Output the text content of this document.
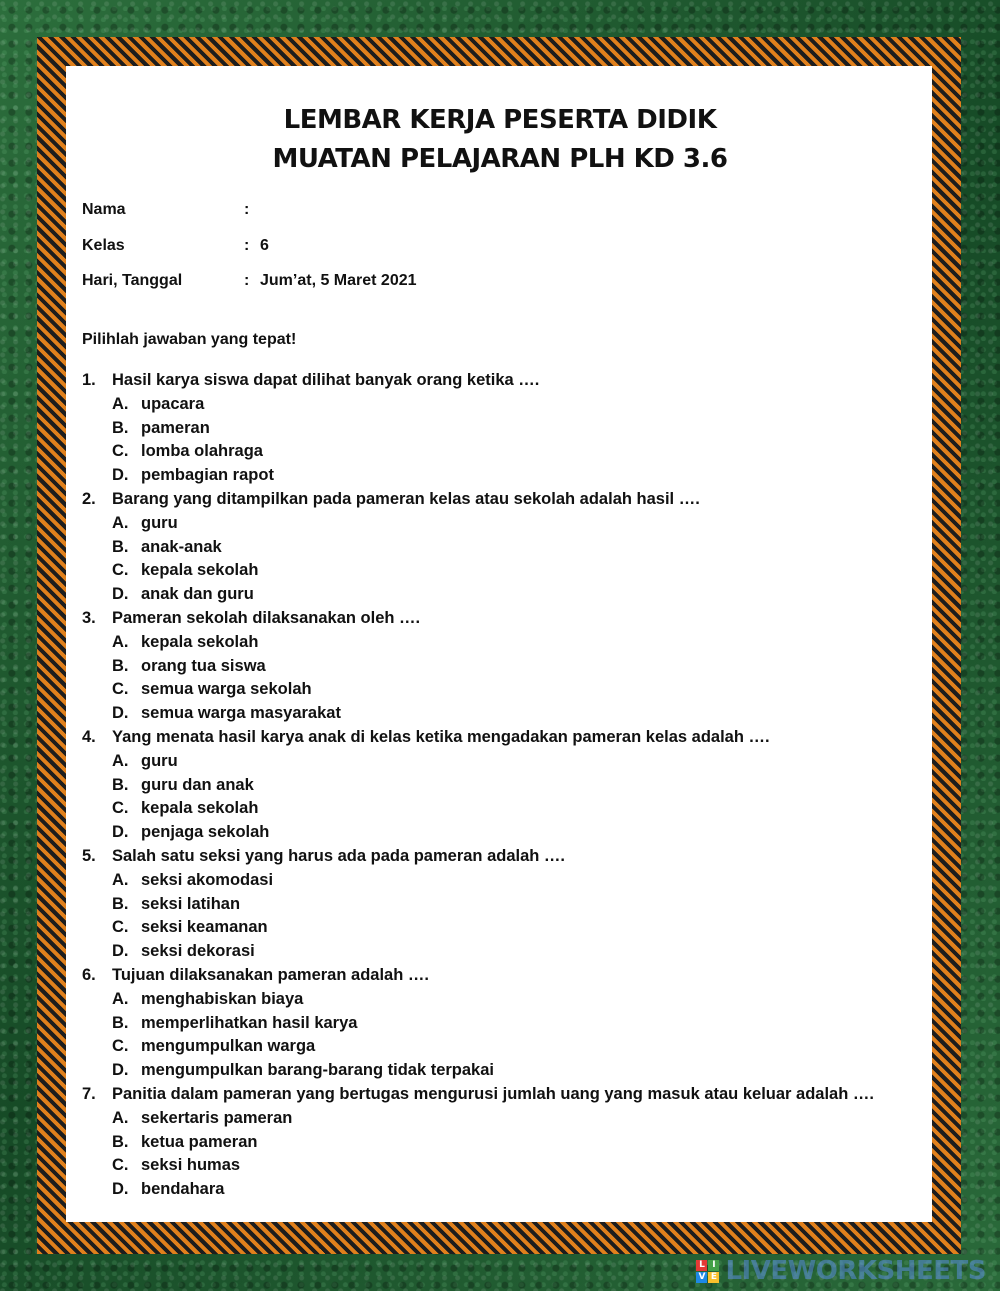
LEMBAR KERJA PESERTA DIDIK
MUATAN PELAJARAN PLH KD 3.6
Nama	:
Kelas	: 6
Hari, Tanggal	: Jum’at, 5 Maret 2021
Pilihlah jawaban yang tepat!
1. Hasil karya siswa dapat dilihat banyak orang ketika ….
A. upacara
B. pameran
C. lomba olahraga
D. pembagian rapot
2. Barang yang ditampilkan pada pameran kelas atau sekolah adalah hasil ….
A. guru
B. anak-anak
C. kepala sekolah
D. anak dan guru
3. Pameran sekolah dilaksanakan oleh ….
A. kepala sekolah
B. orang tua siswa
C. semua warga sekolah
D. semua warga masyarakat
4. Yang menata hasil karya anak di kelas ketika mengadakan pameran kelas adalah ….
A. guru
B. guru dan anak
C. kepala sekolah
D. penjaga sekolah
5. Salah satu seksi yang harus ada pada pameran adalah ….
A. seksi akomodasi
B. seksi latihan
C. seksi keamanan
D. seksi dekorasi
6. Tujuan dilaksanakan pameran adalah ….
A. menghabiskan biaya
B. memperlihatkan hasil karya
C. mengumpulkan warga
D. mengumpulkan barang-barang tidak terpakai
7. Panitia dalam pameran yang bertugas mengurusi jumlah uang yang masuk atau keluar adalah ….
A. sekertaris pameran
B. ketua pameran
C. seksi humas
D. bendahara
L I
V E LIVEWORKSHEETS
